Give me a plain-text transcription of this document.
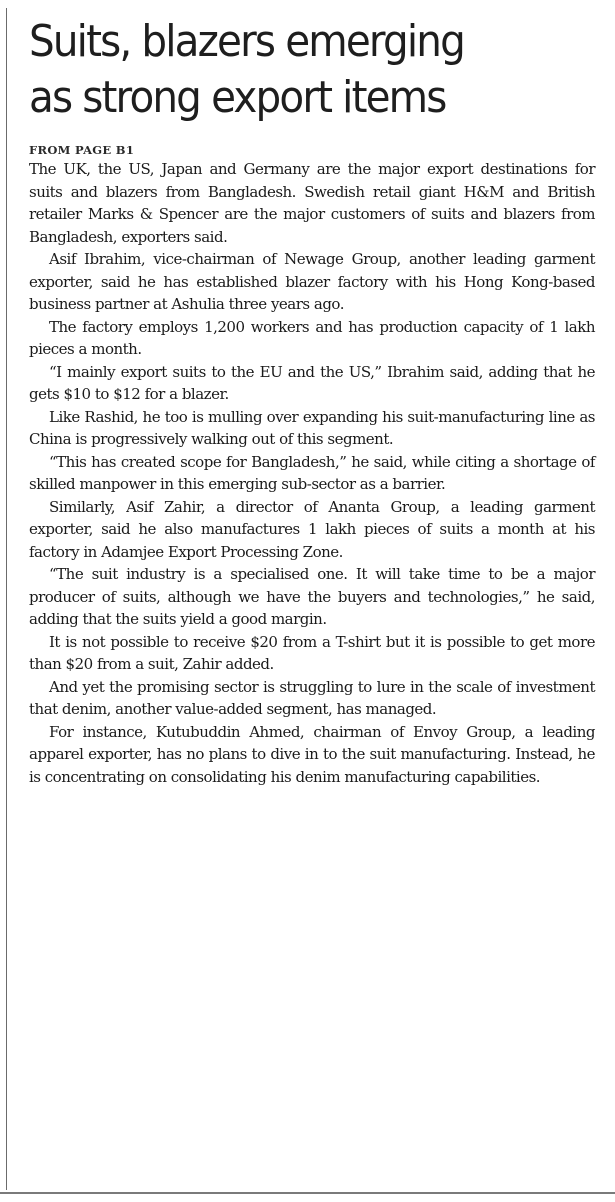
Suits, blazers emerging
as strong export items
FROM PAGE B1

The UK, the US, Japan and Germany are the major export destinations for suits and blazers from Bangladesh. Swedish retail giant H&M and British retailer Marks & Spencer are the major customers of suits and blazers from Bangladesh, exporters said.

Asif Ibrahim, vice-chairman of Newage Group, another leading garment exporter, said he has established blazer factory with his Hong Kong-based business partner at Ashulia three years ago.

The factory employs 1,200 workers and has production capacity of 1 lakh pieces a month.

“I mainly export suits to the EU and the US,” Ibrahim said, adding that he gets $10 to $12 for a blazer.

Like Rashid, he too is mulling over expanding his suit-manufacturing line as China is progressively walking out of this segment.

“This has created scope for Bangladesh,” he said, while citing a shortage of skilled manpower in this emerging sub-sector as a barrier.

Similarly, Asif Zahir, a director of Ananta Group, a leading garment exporter, said he also manufactures 1 lakh pieces of suits a month at his factory in Adamjee Export Processing Zone.

“The suit industry is a specialised one. It will take time to be a major producer of suits, although we have the buyers and technologies,” he said, adding that the suits yield a good margin.

It is not possible to receive $20 from a T-shirt but it is possible to get more than $20 from a suit, Zahir added.

And yet the promising sector is struggling to lure in the scale of investment that denim, another value-added segment, has managed.

For instance, Kutubuddin Ahmed, chairman of Envoy Group, a leading apparel exporter, has no plans to dive in to the suit manufacturing. Instead, he is concentrating on consolidating his denim manufacturing capabilities.
